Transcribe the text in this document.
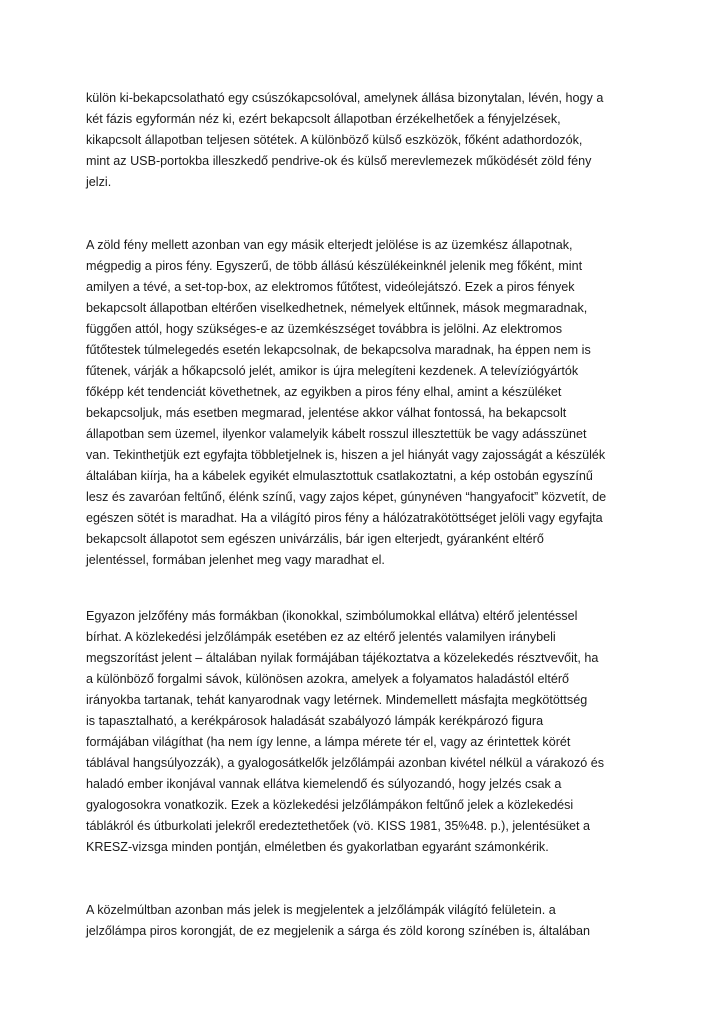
külön ki-bekapcsolatható egy csúszókapcsolóval, amelynek állása bizonytalan, lévén, hogy a
két fázis egyformán néz ki, ezért bekapcsolt állapotban érzékelhetőek a fényjelzések,
kikapcsolt állapotban teljesen sötétek. A különböző külső eszközök, főként adathordozók,
mint az USB-portokba illeszkedő pendrive-ok és külső merevlemezek működését zöld fény
jelzi.
A zöld fény mellett azonban van egy másik elterjedt jelölése is az üzemkész állapotnak,
mégpedig a piros fény. Egyszerű, de több állású készülékeinknél jelenik meg főként, mint
amilyen a tévé, a set-top-box, az elektromos fűtőtest, videólejátszó. Ezek a piros fények
bekapcsolt állapotban eltérően viselkedhetnek, némelyek eltűnnek, mások megmaradnak,
függően attól, hogy szükséges-e az üzemkészséget továbbra is jelölni. Az elektromos
fűtőtestek túlmelegedés esetén lekapcsolnak, de bekapcsolva maradnak, ha éppen nem is
fűtenek, várják a hőkapcsoló jelét, amikor is újra melegíteni kezdenek. A televíziógyártók
főképp két tendenciát követhetnek, az egyikben a piros fény elhal, amint a készüléket
bekapcsoljuk, más esetben megmarad, jelentése akkor válhat fontossá, ha bekapcsolt
állapotban sem üzemel, ilyenkor valamelyik kábelt rosszul illesztettük be vagy adásszünet
van. Tekinthetjük ezt egyfajta többletjelnek is, hiszen a jel hiányát vagy zajosságát a készülék
általában kiírja, ha a kábelek egyikét elmulasztottuk csatlakoztatni, a kép ostobán egyszínű
lesz és zavaróan feltűnő, élénk színű, vagy zajos képet, gúnynéven “hangyafocit” közvetít, de
egészen sötét is maradhat. Ha a világító piros fény a hálózatrakötöttséget jelöli vagy egyfajta
bekapcsolt állapotot sem egészen univárzális, bár igen elterjedt, gyáranként eltérő
jelentéssel, formában jelenhet meg vagy maradhat el.
Egyazon jelzőfény más formákban (ikonokkal, szimbólumokkal ellátva) eltérő jelentéssel
bírhat. A közlekedési jelzőlámpák esetében ez az eltérő jelentés valamilyen iránybeli
megszorítást jelent – általában nyilak formájában tájékoztatva a közelekedés résztvevőit, ha
a különböző forgalmi sávok, különösen azokra, amelyek a folyamatos haladástól eltérő
irányokba tartanak, tehát kanyarodnak vagy letérnek. Mindemellett másfajta megkötöttség
is tapasztalható, a kerékpárosok haladását szabályozó lámpák kerékpározó figura
formájában világíthat (ha nem így lenne, a lámpa mérete tér el, vagy az érintettek körét
táblával hangsúlyozzák), a gyalogosátkelők jelzőlámpái azonban kivétel nélkül a várakozó és
haladó ember ikonjával vannak ellátva kiemelendő és súlyozandó, hogy jelzés csak a
gyalogosokra vonatkozik. Ezek a közlekedési jelzőlámpákon feltűnő jelek a közlekedési
táblákról és útburkolati jelekről eredeztethetőek (vö. KISS 1981, 35%48. p.), jelentésüket a
KRESZ-vizsga minden pontján, elméletben és gyakorlatban egyaránt számonkérik.
A közelmúltban azonban más jelek is megjelentek a jelzőlámpák világító felületein. a
jelzőlámpa piros korongját, de ez megjelenik a sárga és zöld korong színében is, általában
